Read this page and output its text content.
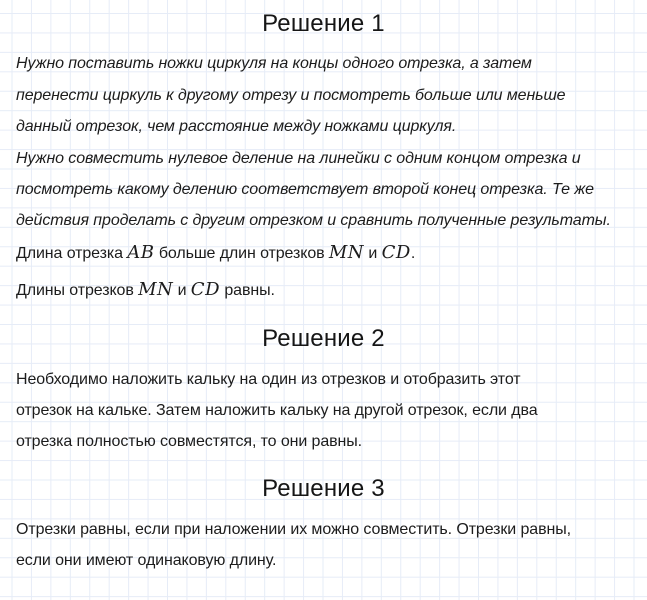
Решение 1
Нужно поставить ножки циркуля на концы одного отрезка, а затем
перенести циркуль к другому отрезу и посмотреть больше или меньше
данный отрезок, чем расстояние между ножками циркуля.
Нужно совместить нулевое деление на линейки с одним концом отрезка и
посмотреть какому делению соответствует второй конец отрезка. Те же
действия проделать с другим отрезком и сравнить полученные результаты.
Длина отрезка AB больше длин отрезков MN и CD.
Длины отрезков MN и CD равны.
Решение 2
Необходимо наложить кальку на один из отрезков и отобразить этот
отрезок на кальке. Затем наложить кальку на другой отрезок, если два
отрезка полностью совместятся, то они равны.
Решение 3
Отрезки равны, если при наложении их можно совместить. Отрезки равны,
если они имеют одинаковую длину.
